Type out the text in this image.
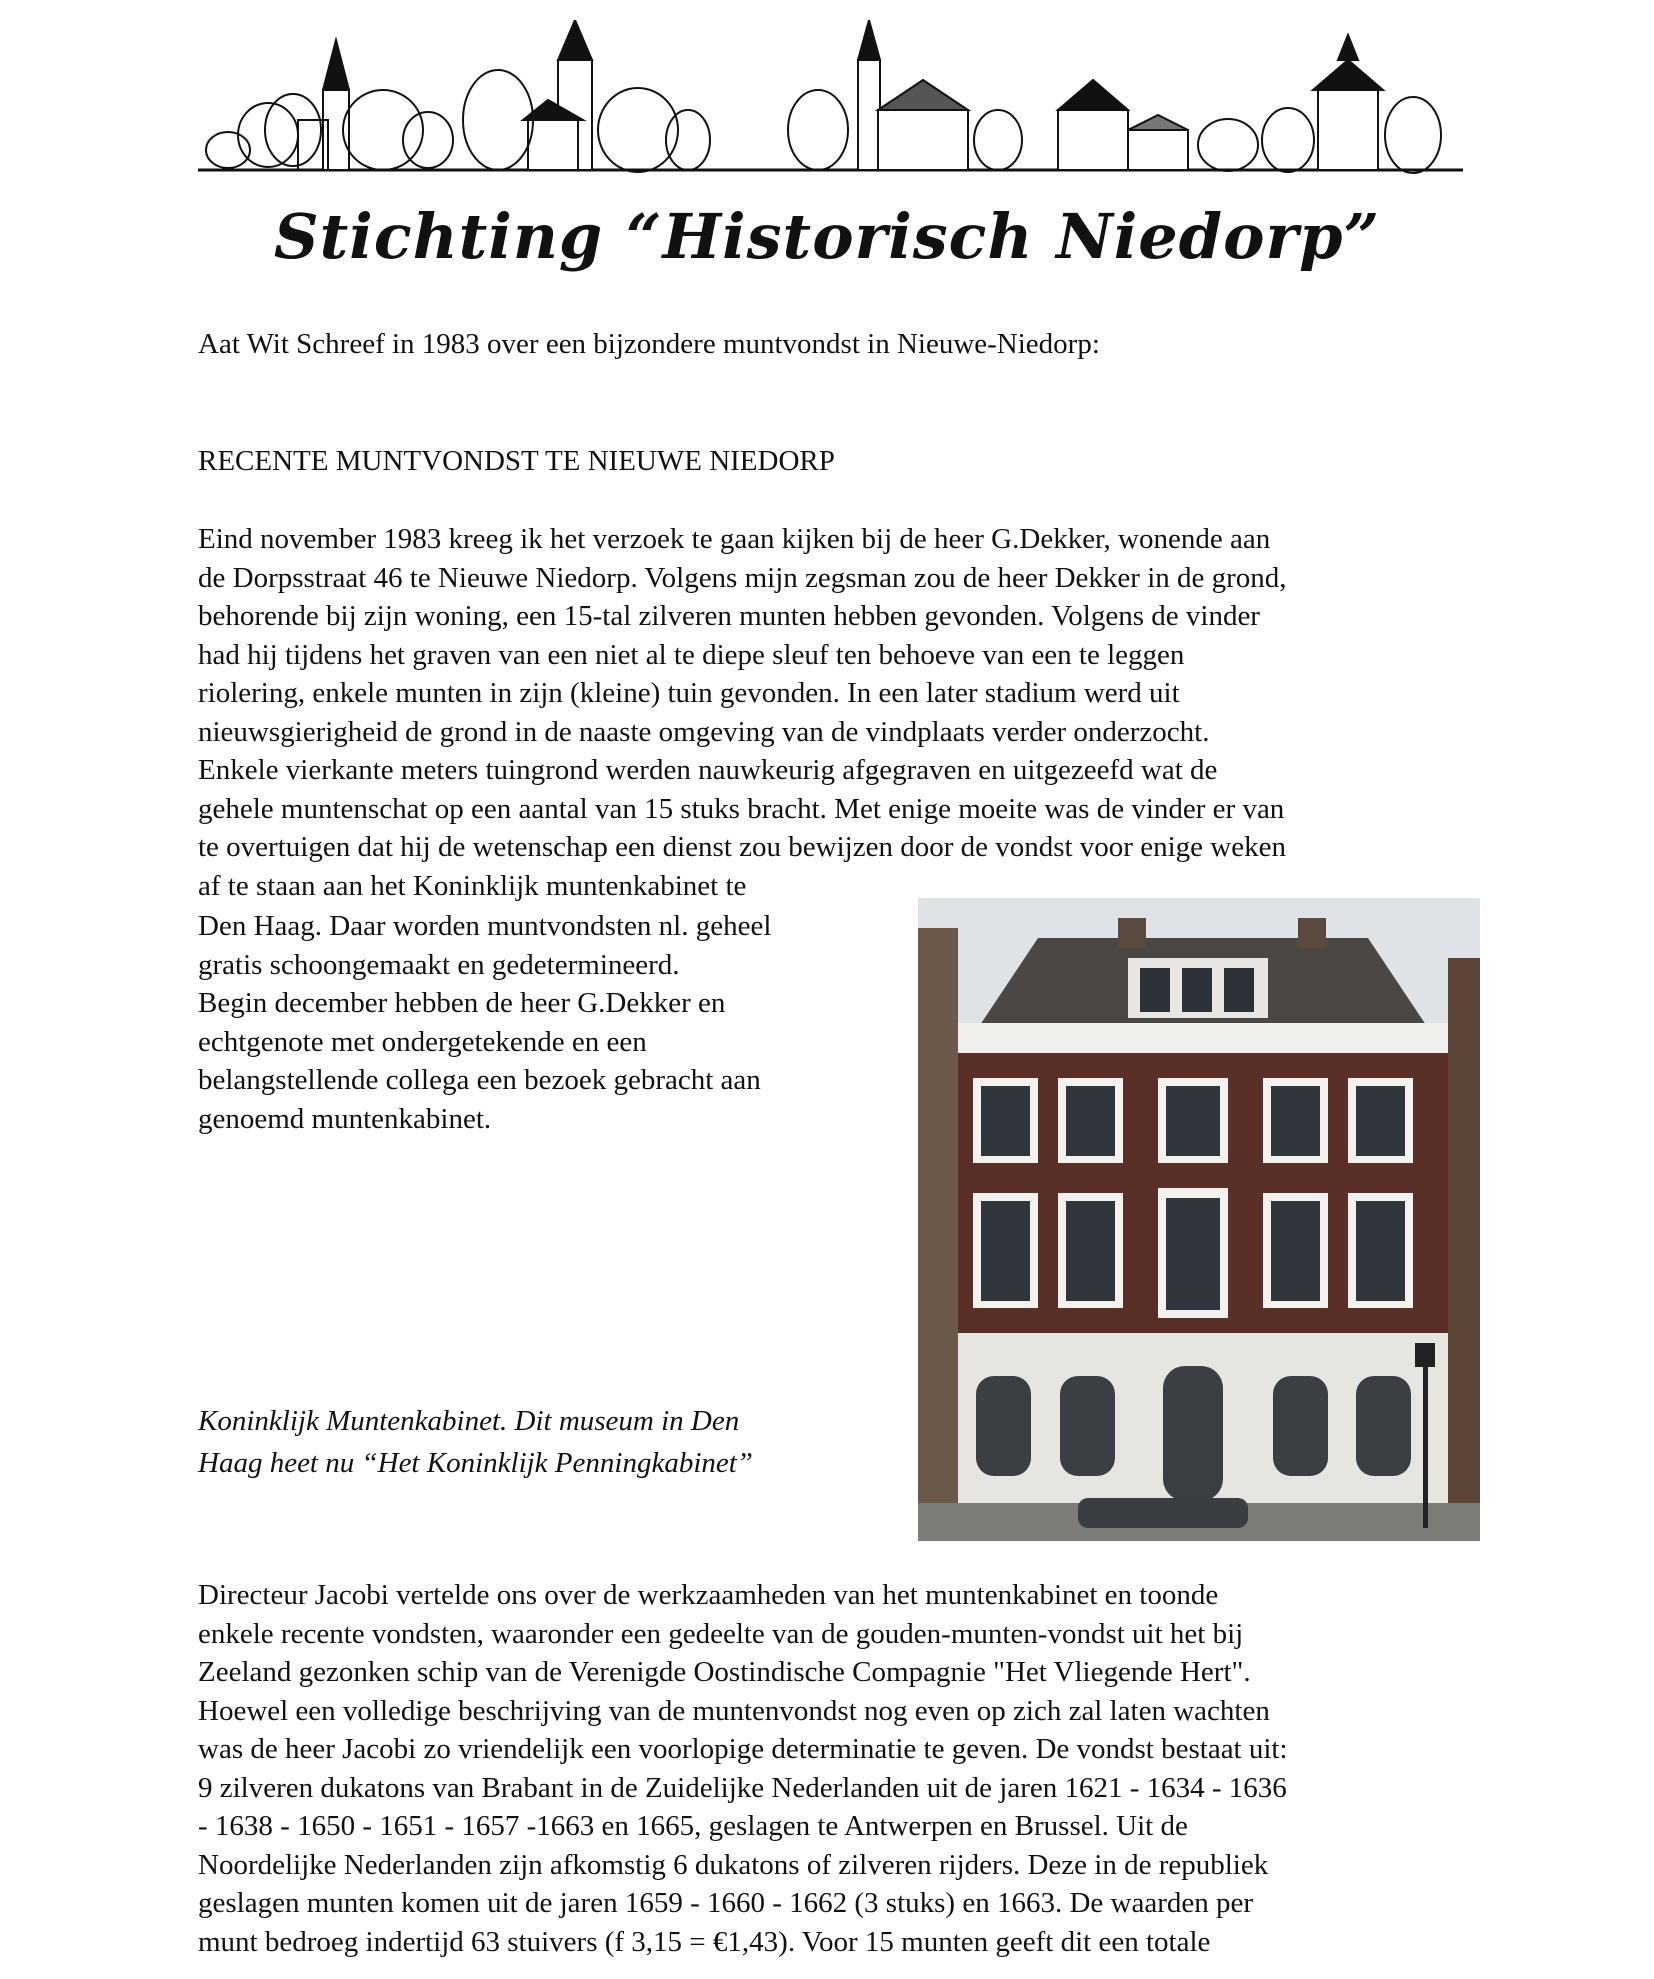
Stichting “Historisch Niedorp”
Aat Wit Schreef in 1983 over een bijzondere muntvondst in Nieuwe-Niedorp:
RECENTE MUNTVONDST TE NIEUWE NIEDORP
Eind november 1983 kreeg ik het verzoek te gaan kijken bij de heer G.Dekker, wonende aan
de Dorpsstraat 46 te Nieuwe Niedorp. Volgens mijn zegsman zou de heer Dekker in de grond,
behorende bij zijn woning, een 15-tal zilveren munten hebben gevonden. Volgens de vinder
had hij tijdens het graven van een niet al te diepe sleuf ten behoeve van een te leggen
riolering, enkele munten in zijn (kleine) tuin gevonden. In een later stadium werd uit
nieuwsgierigheid de grond in de naaste omgeving van de vindplaats verder onderzocht.
Enkele vierkante meters tuingrond werden nauwkeurig afgegraven en uitgezeefd wat de
gehele muntenschat op een aantal van 15 stuks bracht. Met enige moeite was de vinder er van
te overtuigen dat hij de wetenschap een dienst zou bewijzen door de vondst voor enige weken
af te staan aan het Koninklijk muntenkabinet te
Den Haag. Daar worden muntvondsten nl. geheel
gratis schoongemaakt en gedetermineerd.
Begin december hebben de heer G.Dekker en
echtgenote met ondergetekende en een
belangstellende collega een bezoek gebracht aan
genoemd muntenkabinet.
Koninklijk Muntenkabinet. Dit museum in Den
Haag heet nu “Het Koninklijk Penningkabinet”
Directeur Jacobi vertelde ons over de werkzaamheden van het muntenkabinet en toonde
enkele recente vondsten, waaronder een gedeelte van de gouden-munten-vondst uit het bij
Zeeland gezonken schip van de Verenigde Oostindische Compagnie "Het Vliegende Hert".
Hoewel een volledige beschrijving van de muntenvondst nog even op zich zal laten wachten
was de heer Jacobi zo vriendelijk een voorlopige determinatie te geven. De vondst bestaat uit:
9 zilveren dukatons van Brabant in de Zuidelijke Nederlanden uit de jaren 1621 - 1634 - 1636
- 1638 - 1650 - 1651 - 1657 -1663 en 1665, geslagen te Antwerpen en Brussel. Uit de
Noordelijke Nederlanden zijn afkomstig 6 dukatons of zilveren rijders. Deze in de republiek
geslagen munten komen uit de jaren 1659 - 1660 - 1662 (3 stuks) en 1663. De waarden per
munt bedroeg indertijd 63 stuivers (f 3,15 = €1,43). Voor 15 munten geeft dit een totale
